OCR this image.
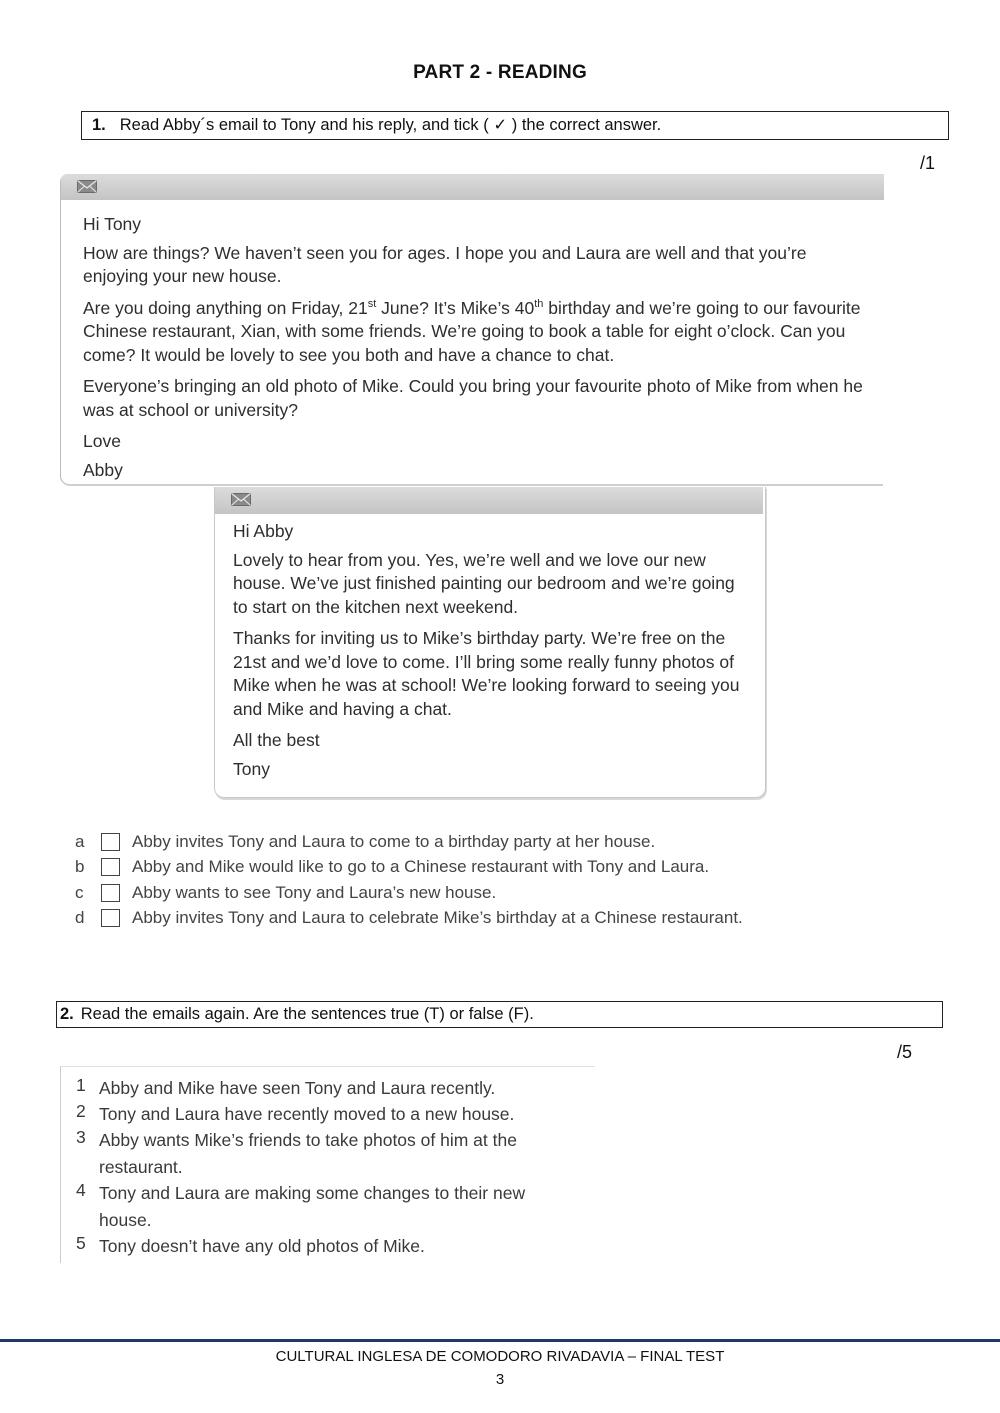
PART 2 - READING
1. Read Abby´s email to Tony and his reply, and tick ( ✓ ) the correct answer.
/1

Hi Tony

How are things? We haven’t seen you for ages. I hope you and Laura are well and that you’re enjoying your new house.

Are you doing anything on Friday, 21st June? It’s Mike’s 40th birthday and we’re going to our favourite Chinese restaurant, Xian, with some friends. We’re going to book a table for eight o’clock. Can you come? It would be lovely to see you both and have a chance to chat.

Everyone’s bringing an old photo of Mike. Could you bring your favourite photo of Mike from when he was at school or university?

Love

Abby

Hi Abby

Lovely to hear from you. Yes, we’re well and we love our new house. We’ve just finished painting our bedroom and we’re going to start on the kitchen next weekend.

Thanks for inviting us to Mike’s birthday party. We’re free on the 21st and we’d love to come. I’ll bring some really funny photos of Mike when he was at school! We’re looking forward to seeing you and Mike and having a chat.

All the best

Tony

a	Abby invites Tony and Laura to come to a birthday party at her house.
b	Abby and Mike would like to go to a Chinese restaurant with Tony and Laura.
c	Abby wants to see Tony and Laura’s new house.
d	Abby invites Tony and Laura to celebrate Mike’s birthday at a Chinese restaurant.
2. Read the emails again. Are the sentences true (T) or false (F).
/5
1 Abby and Mike have seen Tony and Laura recently.
2 Tony and Laura have recently moved to a new house.
3 Abby wants Mike’s friends to take photos of him at the restaurant.
4 Tony and Laura are making some changes to their new house.
5 Tony doesn’t have any old photos of Mike.
CULTURAL INGLESA DE COMODORO RIVADAVIA – FINAL TEST
3
